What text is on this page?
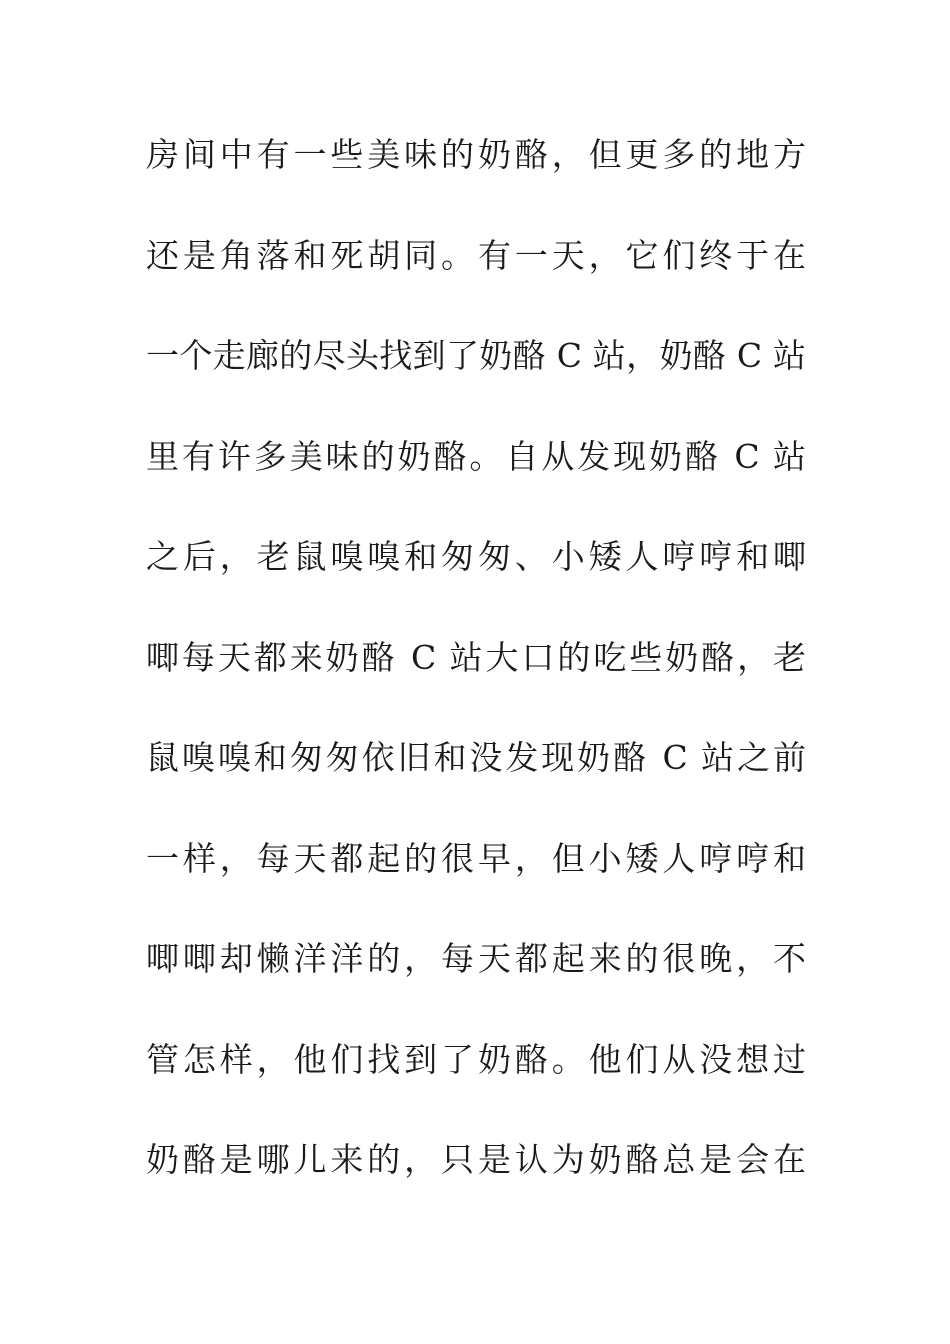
房间中有一些美味的奶酪，但更多的地方
还是角落和死胡同。有一天，它们终于在
一个走廊的尽头找到了奶酪 C 站，奶酪 C 站
里有许多美味的奶酪。自从发现奶酪 C 站
之后，老鼠嗅嗅和匆匆、小矮人哼哼和唧
唧每天都来奶酪 C 站大口的吃些奶酪，老
鼠嗅嗅和匆匆依旧和没发现奶酪 C 站之前
一样，每天都起的很早，但小矮人哼哼和
唧唧却懒洋洋的，每天都起来的很晚，不
管怎样，他们找到了奶酪。他们从没想过
奶酪是哪儿来的，只是认为奶酪总是会在
